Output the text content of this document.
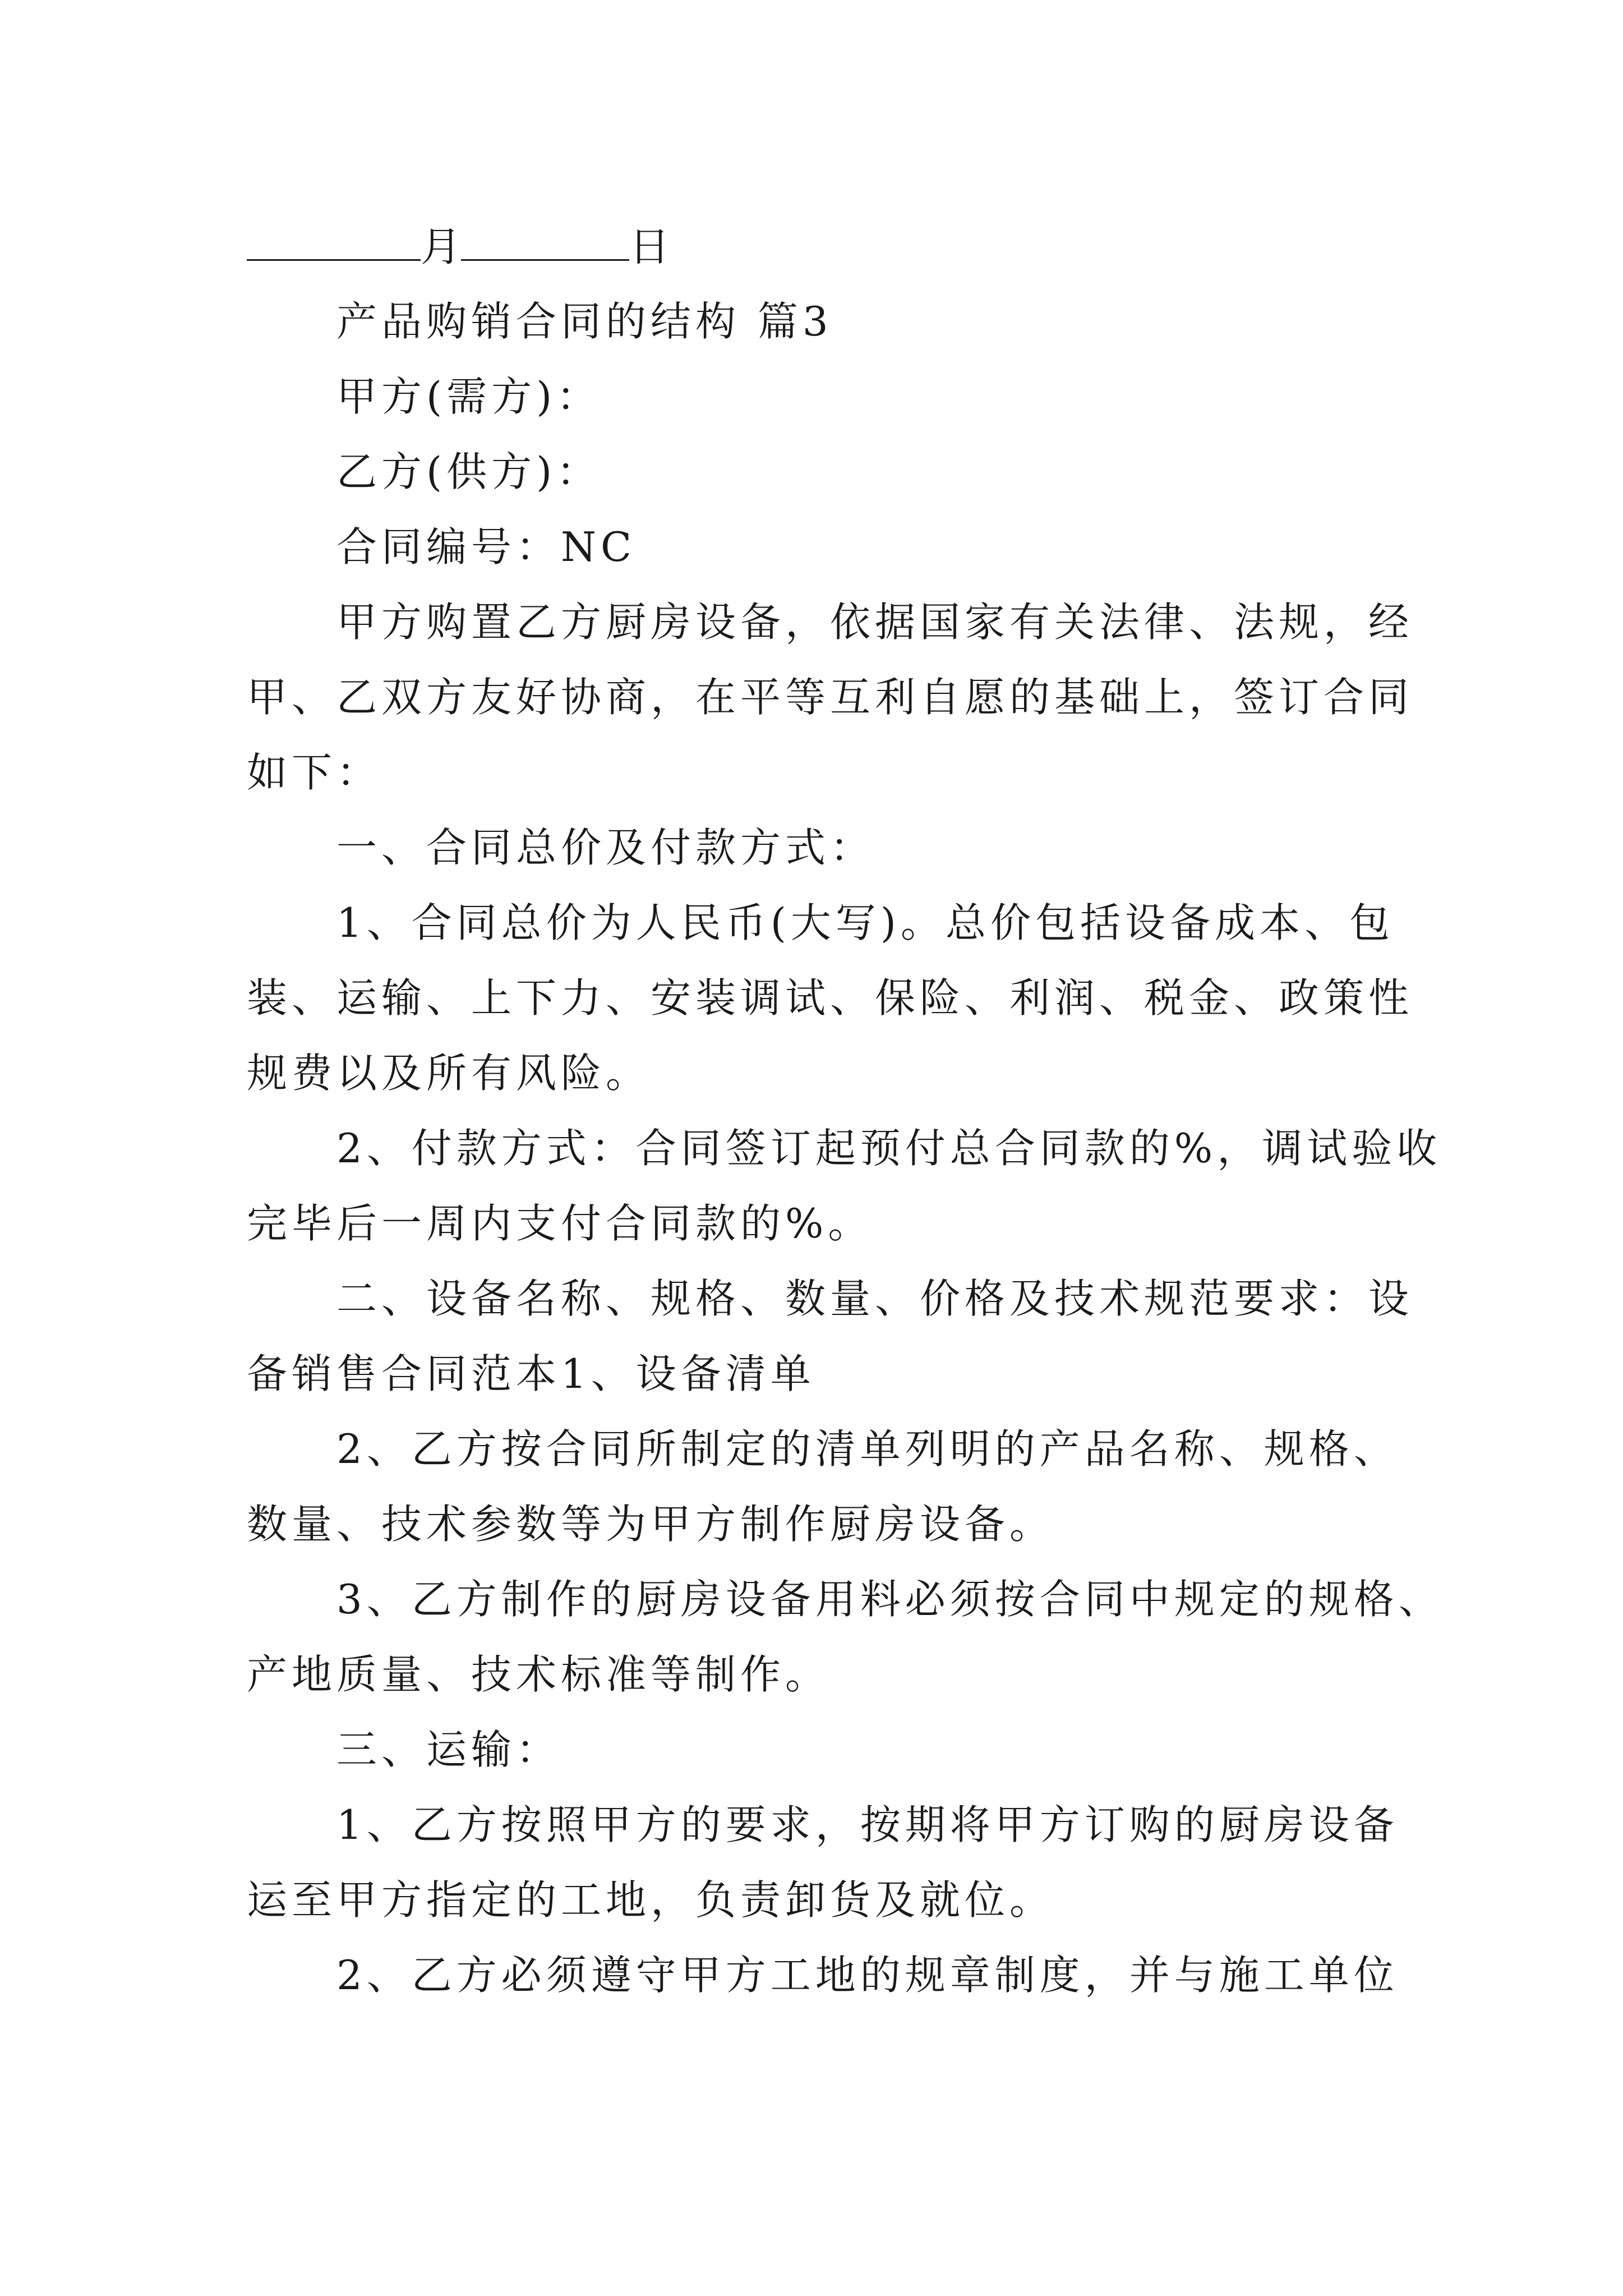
月	日
产品购销合同的结构 篇3
甲方(需方)：
乙方(供方)：
合同编号：NC
甲方购置乙方厨房设备，依据国家有关法律、法规，经
甲、乙双方友好协商，在平等互利自愿的基础上，签订合同
如下：
一、合同总价及付款方式：
1、合同总价为人民币(大写)。总价包括设备成本、包
装、运输、上下力、安装调试、保险、利润、税金、政策性
规费以及所有风险。
2、付款方式：合同签订起预付总合同款的%，调试验收
完毕后一周内支付合同款的%。
二、设备名称、规格、数量、价格及技术规范要求：设
备销售合同范本1、设备清单
2、乙方按合同所制定的清单列明的产品名称、规格、
数量、技术参数等为甲方制作厨房设备。
3、乙方制作的厨房设备用料必须按合同中规定的规格、
产地质量、技术标准等制作。
三、运输：
1、乙方按照甲方的要求，按期将甲方订购的厨房设备
运至甲方指定的工地，负责卸货及就位。
2、乙方必须遵守甲方工地的规章制度，并与施工单位
